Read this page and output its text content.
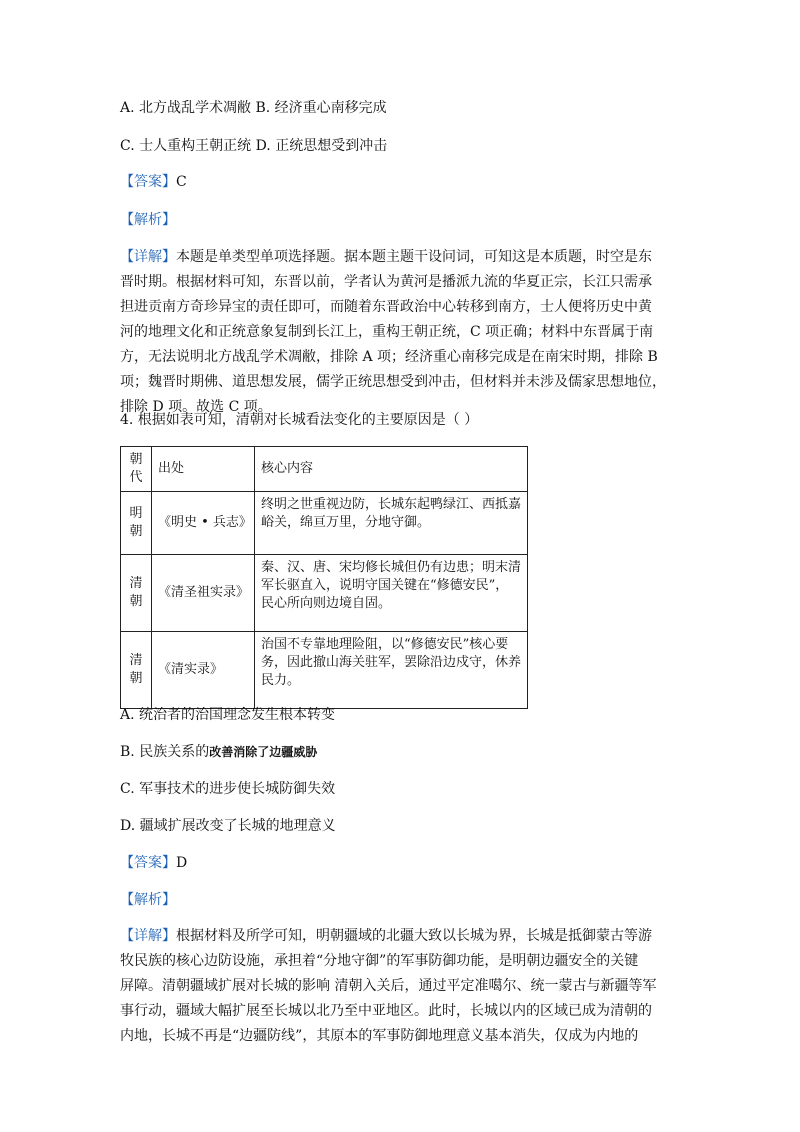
A. 北方战乱学术凋敝 B. 经济重心南移完成
C. 士人重构王朝正统 D. 正统思想受到冲击
【答案】C
【解析】

【详解】本题是单类型单项选择题。据本题主题干设问词，可知这是本质题，时空是东

晋时期。根据材料可知，东晋以前，学者认为黄河是播派九流的华夏正宗，长江只需承

担进贡南方奇珍异宝的责任即可，而随着东晋政治中心转移到南方，士人便将历史中黄

河的地理文化和正统意象复制到长江上，重构王朝正统，C 项正确；材料中东晋属于南

方，无法说明北方战乱学术凋敝，排除 A 项；经济重心南移完成是在南宋时期，排除 B

项；魏晋时期佛、道思想发展，儒学正统思想受到冲击，但材料并未涉及儒家思想地位，

排除 D 项。故选 C 项。

4. 根据如表可知，清朝对长城看法变化的主要原因是（ ）
朝代	出处	核心内容
明朝	《明史 • 兵志》	终明之世重视边防，长城东起鸭绿江、西抵嘉峪关，绵亘万里，分地守御。
清朝	《清圣祖实录》	秦、汉、唐、宋均修长城但仍有边患；明末清军长驱直入，说明守国关键在“修德安民”，民心所向则边境自固。
清朝	《清实录》	治国不专靠地理险阻，以“修德安民”核心要务，因此撤山海关驻军，罢除沿边戍守，休养民力。
A. 统治者的治国理念发生根本转变
B. 民族关系的改善消除了边疆威胁
C. 军事技术的进步使长城防御失效
D. 疆域扩展改变了长城的地理意义
【答案】D
【解析】

【详解】根据材料及所学可知，明朝疆域的北疆大致以长城为界，长城是抵御蒙古等游

牧民族的核心边防设施，承担着“分地守御”的军事防御功能，是明朝边疆安全的关键

屏障。清朝疆域扩展对长城的影响 清朝入关后，通过平定准噶尔、统一蒙古与新疆等军

事行动，疆域大幅扩展至长城以北乃至中亚地区。此时，长城以内的区域已成为清朝的

内地，长城不再是“边疆防线”，其原本的军事防御地理意义基本消失，仅成为内地的
